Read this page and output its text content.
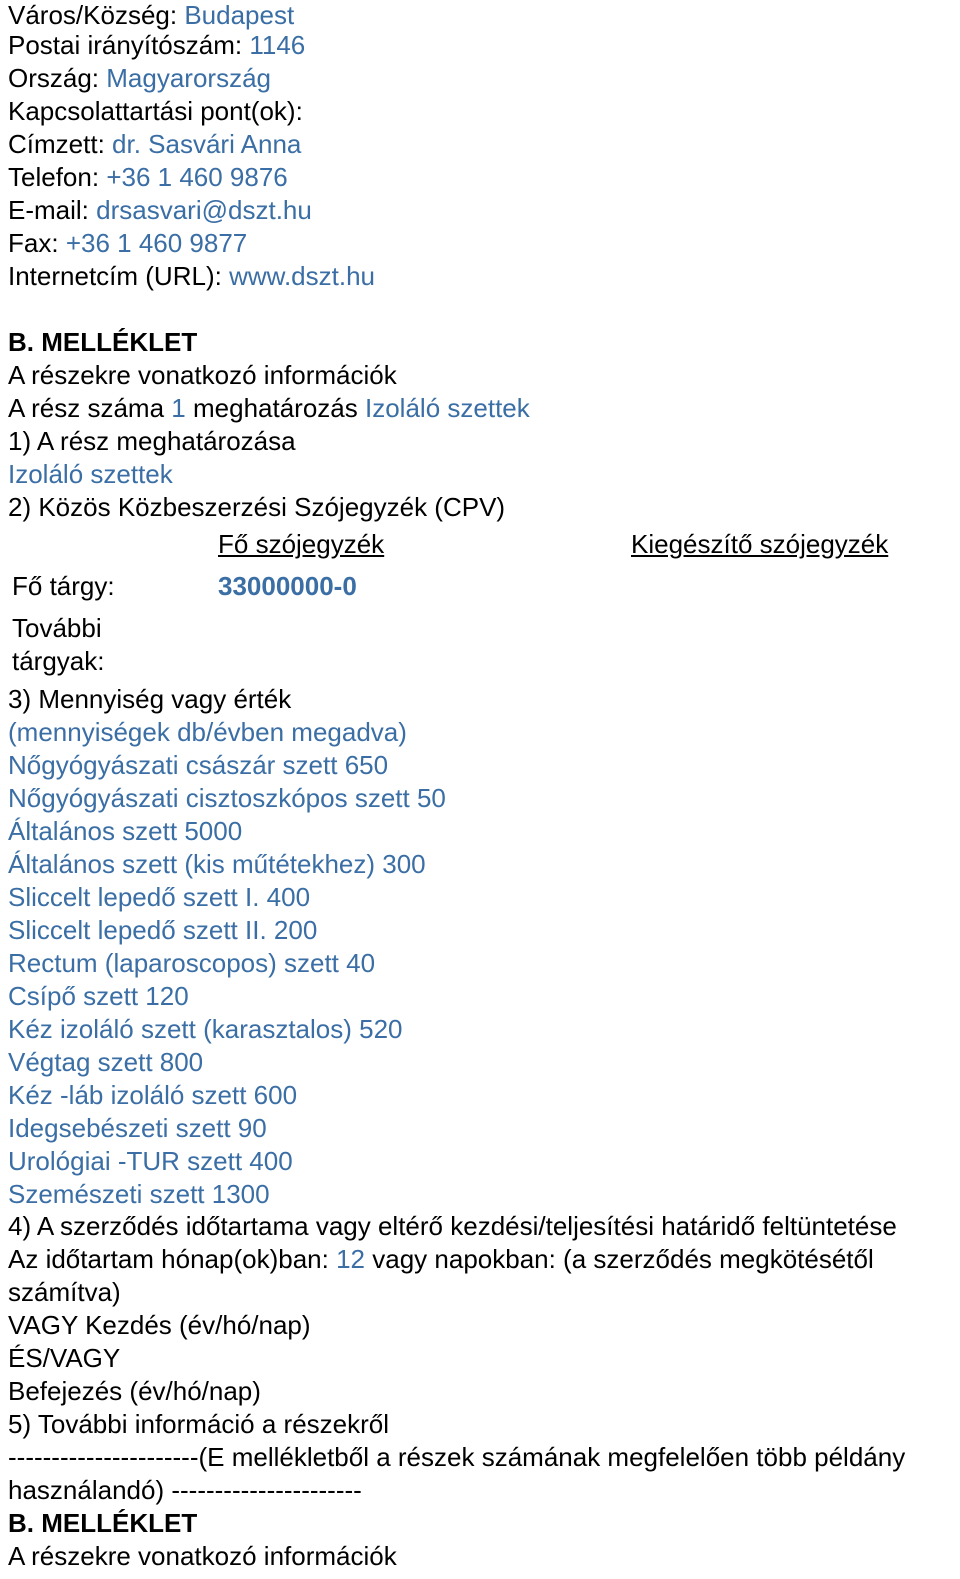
Város/Község: Budapest
Postai irányítószám: 1146
Ország: Magyarország
Kapcsolattartási pont(ok):
Címzett: dr. Sasvári Anna
Telefon: +36 1 460 9876
E-mail: drsasvari@dszt.hu
Fax: +36 1 460 9877
Internetcím (URL): www.dszt.hu
B. MELLÉKLET
A részekre vonatkozó információk
A rész száma 1 meghatározás Izoláló szettek
1) A rész meghatározása
Izoláló szettek
2) Közös Közbeszerzési Szójegyzék (CPV)
Fő szójegyzék	Kiegészítő szójegyzék
Fő tárgy:	33000000-0
További
tárgyak:
3) Mennyiség vagy érték
(mennyiségek db/évben megadva)
Nőgyógyászati császár szett 650
Nőgyógyászati cisztoszkópos szett 50
Általános szett 5000
Általános szett (kis műtétekhez) 300
Sliccelt lepedő szett I. 400
Sliccelt lepedő szett II. 200
Rectum (laparoscopos) szett 40
Csípő szett 120
Kéz izoláló szett (karasztalos) 520
Végtag szett 800
Kéz -láb izoláló szett 600
Idegsebészeti szett 90
Urológiai -TUR szett 400
Szemészeti szett 1300
4) A szerződés időtartama vagy eltérő kezdési/teljesítési határidő feltüntetése
Az időtartam hónap(ok)ban: 12 vagy napokban: (a szerződés megkötésétől
számítva)
VAGY Kezdés (év/hó/nap)
ÉS/VAGY
Befejezés (év/hó/nap)
5) További információ a részekről
----------------------(E mellékletből a részek számának megfelelően több példány
használandó) ----------------------
B. MELLÉKLET
A részekre vonatkozó információk
